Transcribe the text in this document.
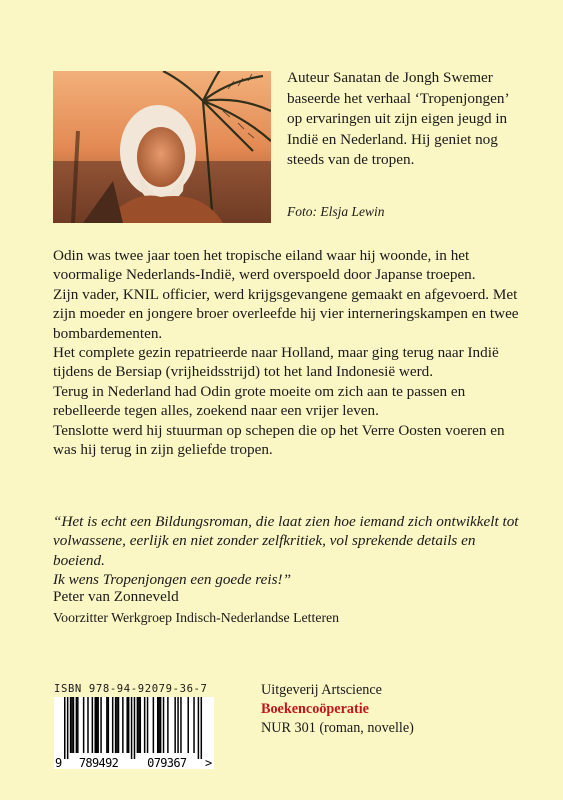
Auteur Sanatan de Jongh Swemer baseerde het verhaal ‘Tropenjongen’ op ervaringen uit zijn eigen jeugd in Indië en Nederland. Hij geniet nog steeds van de tropen.

Foto: Elsja Lewin

Odin was twee jaar toen het tropische eiland waar hij woonde, in het voormalige Nederlands-Indië, werd overspoeld door Japanse troepen.

Zijn vader, KNIL officier, werd krijgsgevangene gemaakt en afgevoerd. Met zijn moeder en jongere broer overleefde hij vier interneringskampen en twee bombardementen.

Het complete gezin repatrieerde naar Holland, maar ging terug naar Indië tijdens de Bersiap (vrijheidsstrijd) tot het land Indonesië werd.

Terug in Nederland had Odin grote moeite om zich aan te passen en rebelleerde tegen alles, zoekend naar een vrijer leven.

Tenslotte werd hij stuurman op schepen die op het Verre Oosten voeren en was hij terug in zijn geliefde tropen.

“Het is echt een Bildungsroman, die laat zien hoe iemand zich ontwikkelt tot volwassene, eerlijk en niet zonder zelfkritiek, vol sprekende details en boeiend.
Ik wens Tropenjongen een goede reis!”

Peter van Zonneveld

Voorzitter Werkgroep Indisch-Nederlandse Letteren

ISBN 978-94-92079-36-7

9 789492 079367 >

Uitgeverij Artscience
Boekencoöperatie
NUR 301 (roman, novelle)
